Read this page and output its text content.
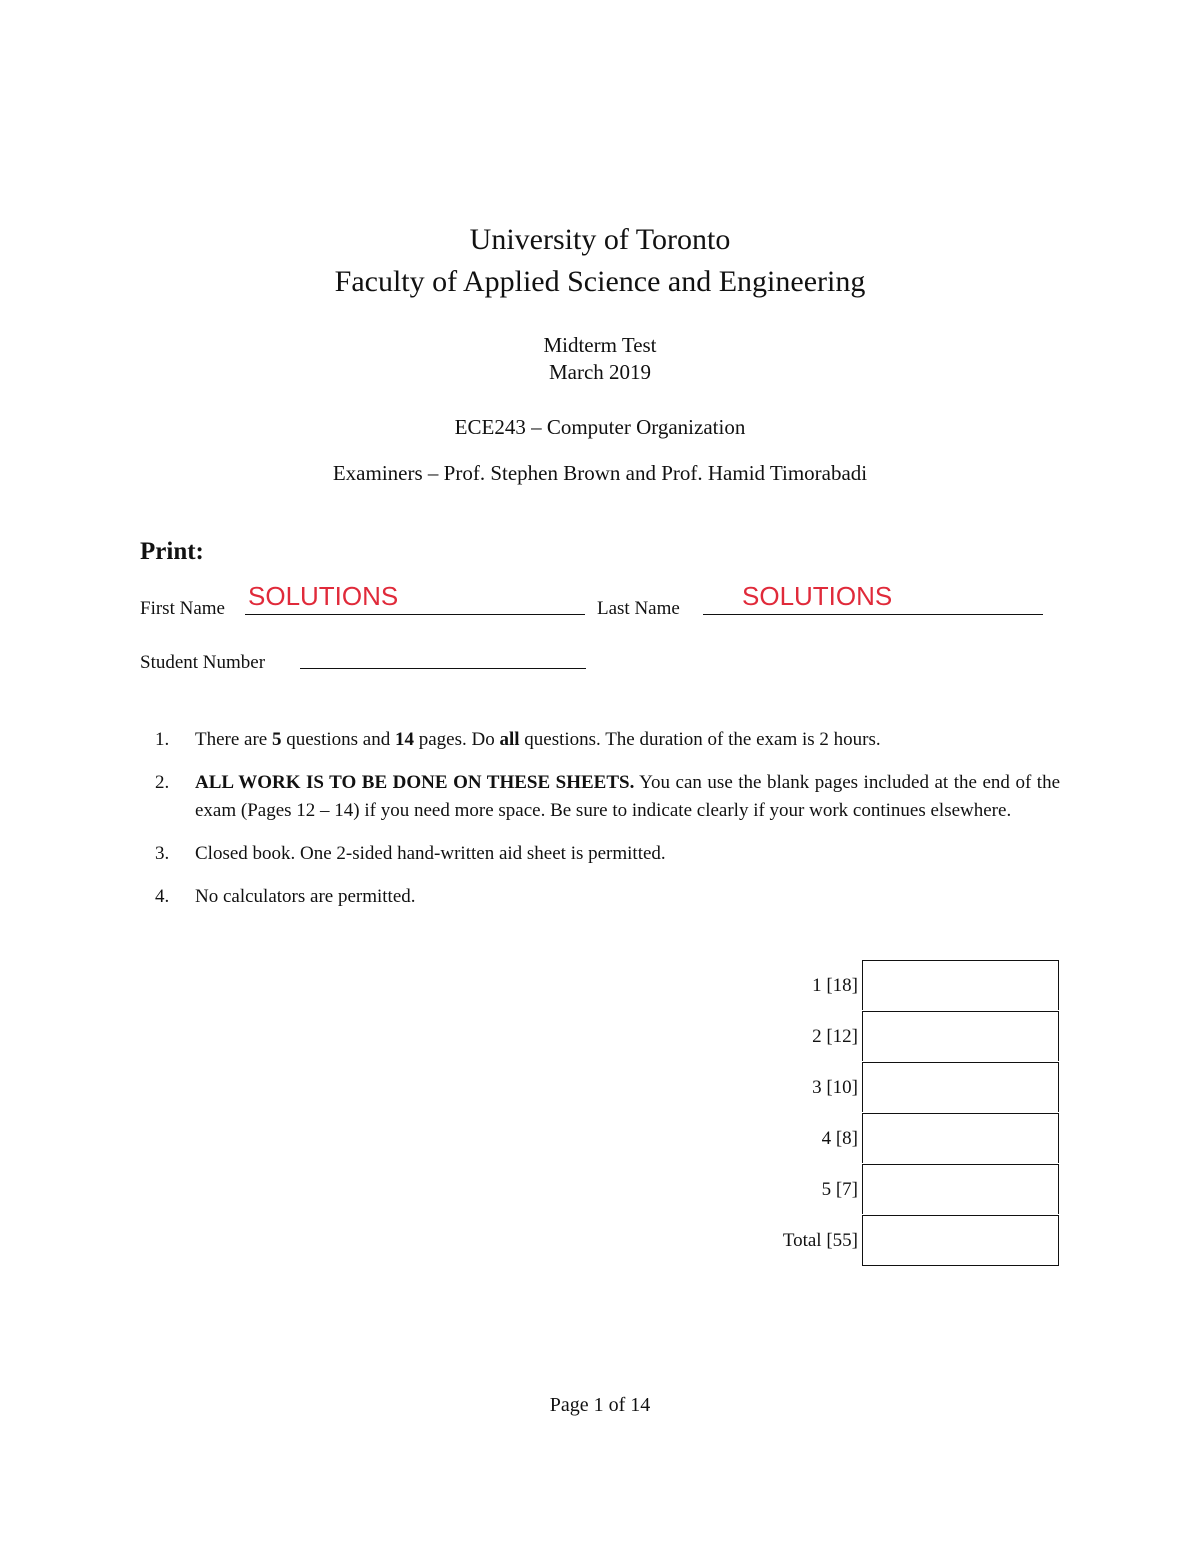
University of Toronto
Faculty of Applied Science and Engineering
Midterm Test
March 2019
ECE243 – Computer Organization
Examiners – Prof. Stephen Brown and Prof. Hamid Timorabadi
Print:
First Name SOLUTIONS	Last Name SOLUTIONS
Student Number
1.	There are 5 questions and 14 pages. Do all questions. The duration of the exam is 2 hours.
2.	ALL WORK IS TO BE DONE ON THESE SHEETS. You can use the blank pages included at the end of the exam (Pages 12 – 14) if you need more space. Be sure to indicate clearly if your work continues elsewhere.
3.	Closed book. One 2-sided hand-written aid sheet is permitted.
4.	No calculators are permitted.
1 [18]
2 [12]
3 [10]
4 [8]
5 [7]
Total [55]
Page 1 of 14
